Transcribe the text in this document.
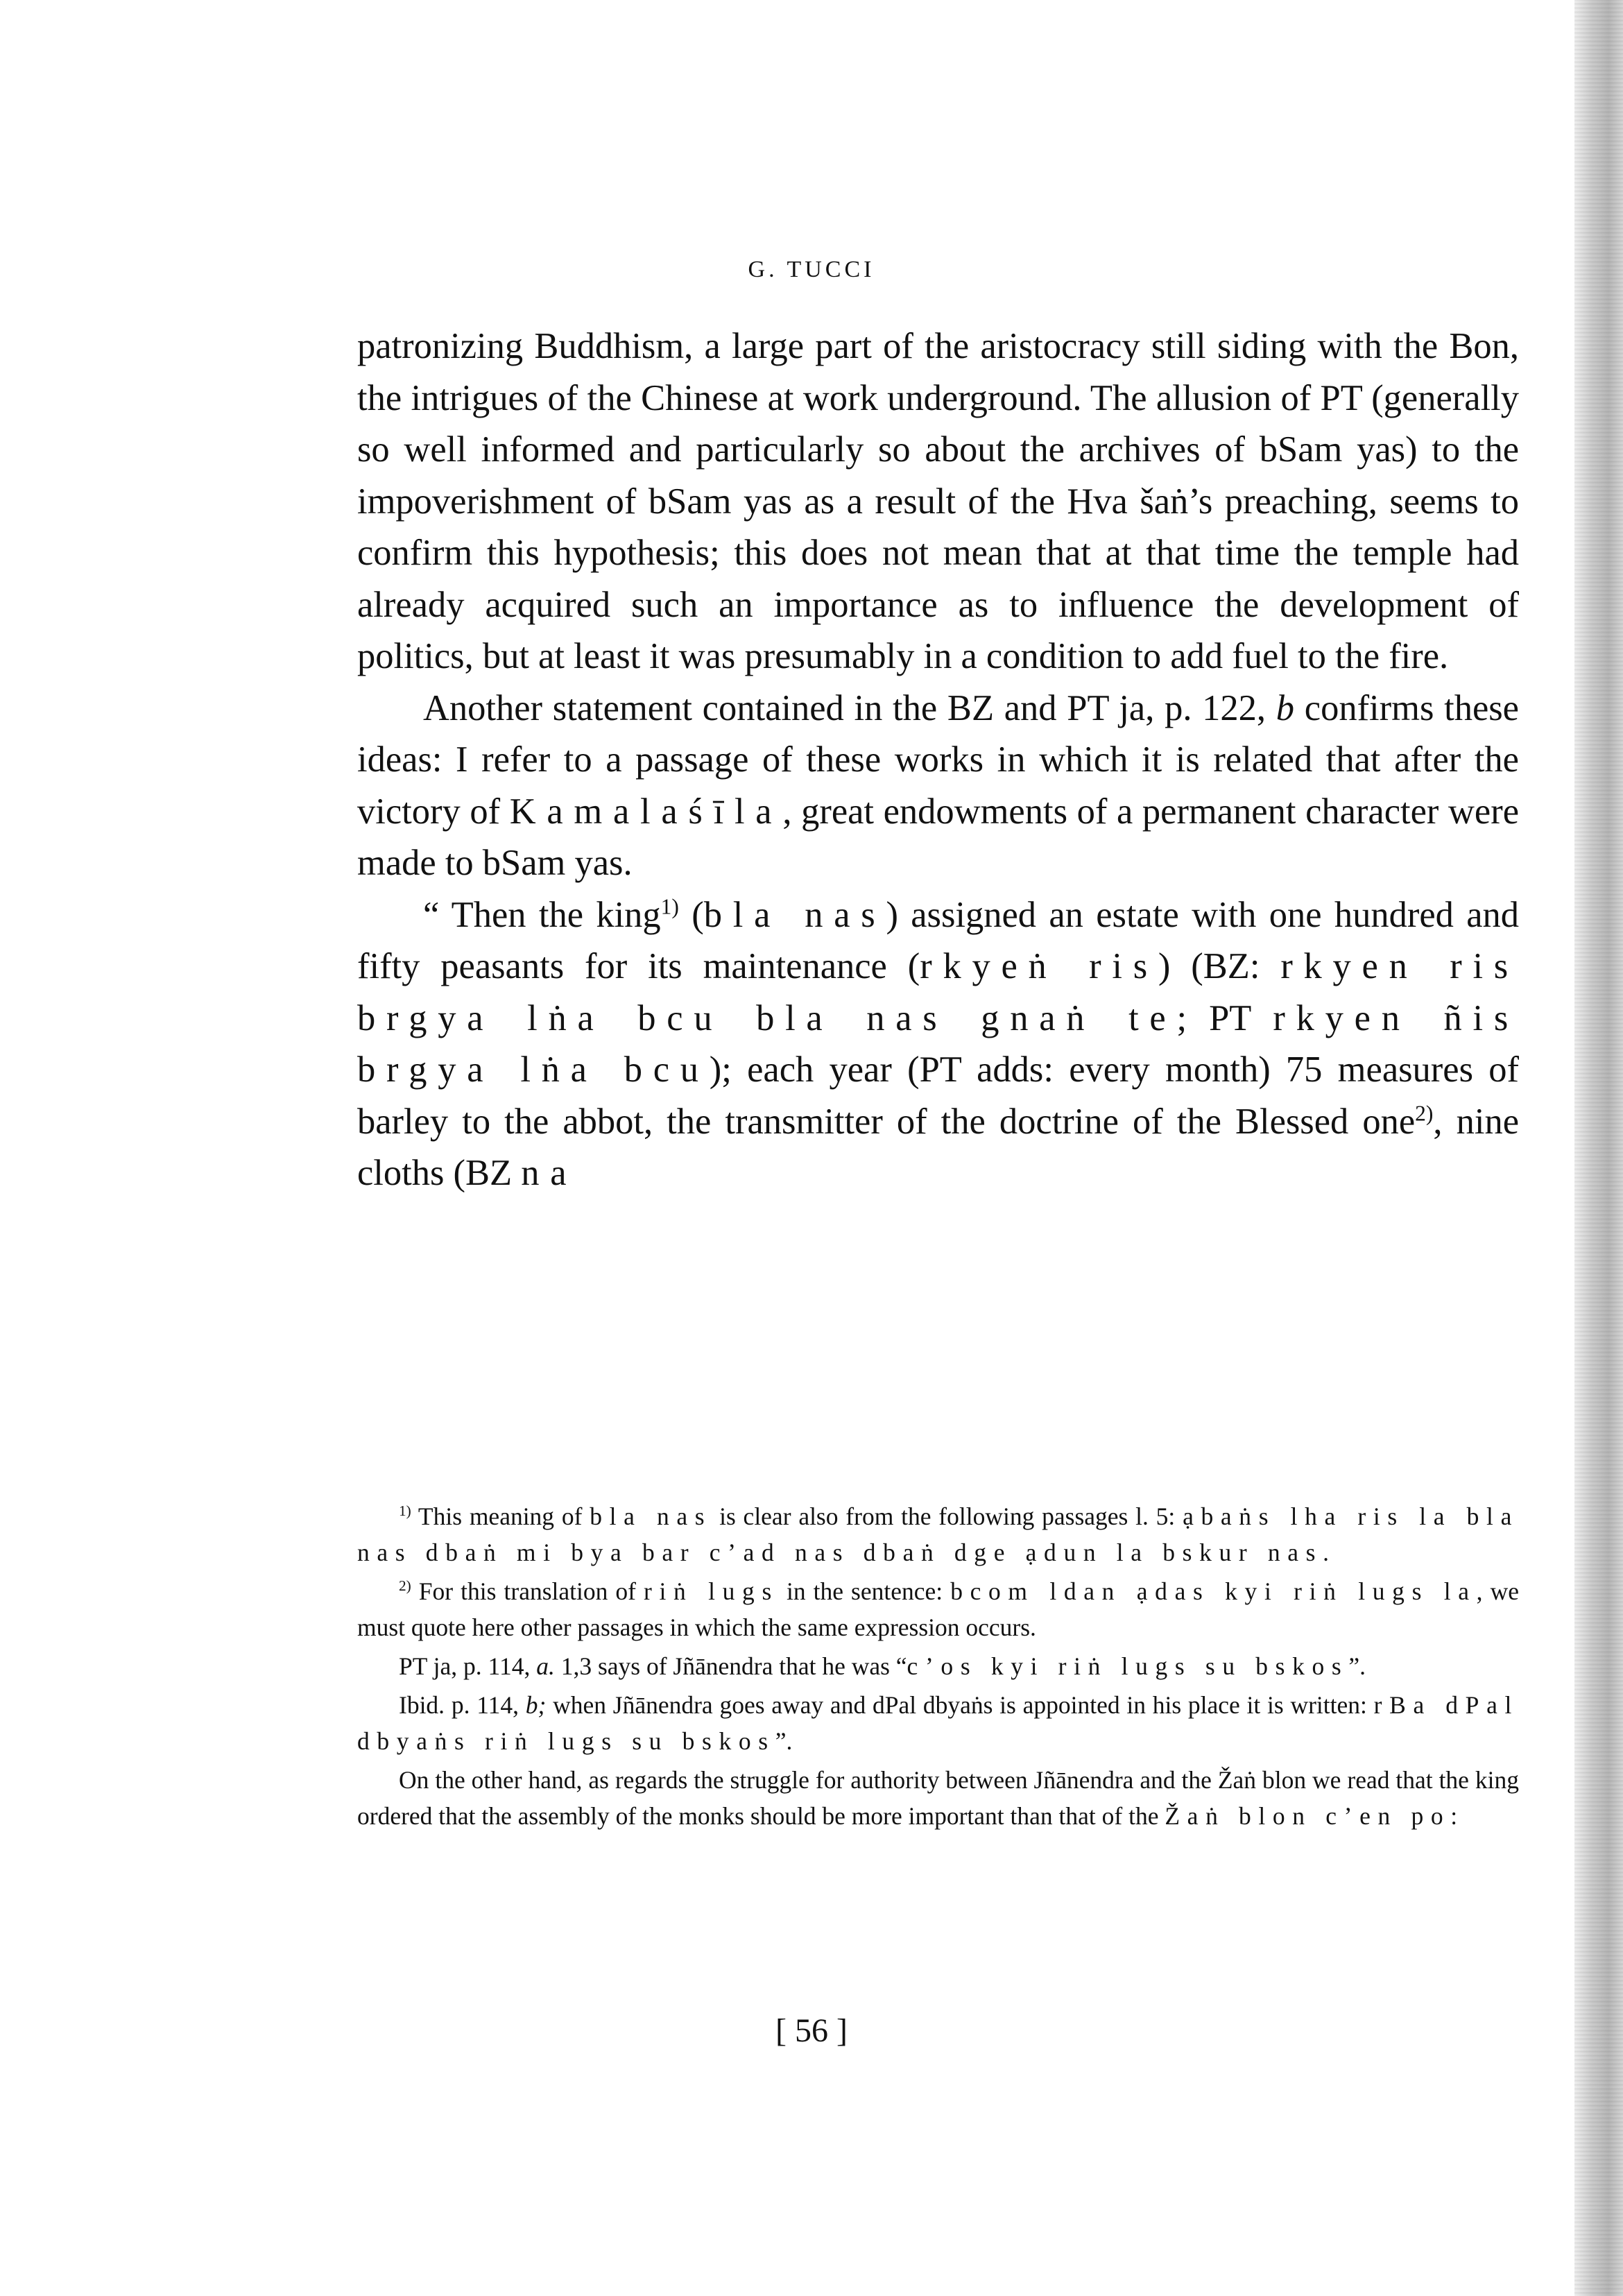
G. TUCCI

patronizing Buddhism, a large part of the aristocracy still siding with the Bon, the intrigues of the Chinese at work underground. The allusion of PT (generally so well informed and particularly so about the archives of bSam yas) to the impoverishment of bSam yas as a result of the Hva šaṅ’s preaching, seems to confirm this hypothesis; this does not mean that at that time the temple had already acquired such an importance as to influence the development of politics, but at least it was presumably in a condition to add fuel to the fire.

Another statement contained in the BZ and PT ja, p. 122, b confirms these ideas: I refer to a passage of these works in which it is related that after the victory of Kamalaśīla, great endowments of a permanent character were made to bSam yas.

“ Then the king$^{1)}$ (bla nas) assigned an estate with one hundred and fifty peasants for its maintenance (rkyeṅ ris) (BZ: rkyen ris brgya lṅa bcu bla nas gnaṅ te; PT rkyen ñis brgya lṅa bcu); each year (PT adds: every month) 75 measures of barley to the abbot, the transmitter of the doctrine of the Blessed one$^{2)}$, nine cloths (BZ na

$^{1)}$ This meaning of bla nas is clear also from the following passages l. 5: ạbaṅs lha ris la bla nas dbaṅ mi bya bar c’ad nas dbaṅ dge ạdun la bskur nas.

$^{2)}$ For this translation of riṅ lugs in the sentence: bcom ldan ạdas kyi riṅ lugs la, we must quote here other passages in which the same expression occurs.

PT ja, p. 114, a. 1,3 says of Jñānendra that he was “c’os kyi riṅ lugs su bskos”.

Ibid. p. 114, b; when Jñānendra goes away and dPal dbyaṅs is appointed in his place it is written: rBa dPal dbyaṅs riṅ lugs su bskos”.

On the other hand, as regards the struggle for authority between Jñānendra and the Žaṅ blon we read that the king ordered that the assembly of the monks should be more important than that of the Žaṅ blon c’en po:

[ 56 ]
